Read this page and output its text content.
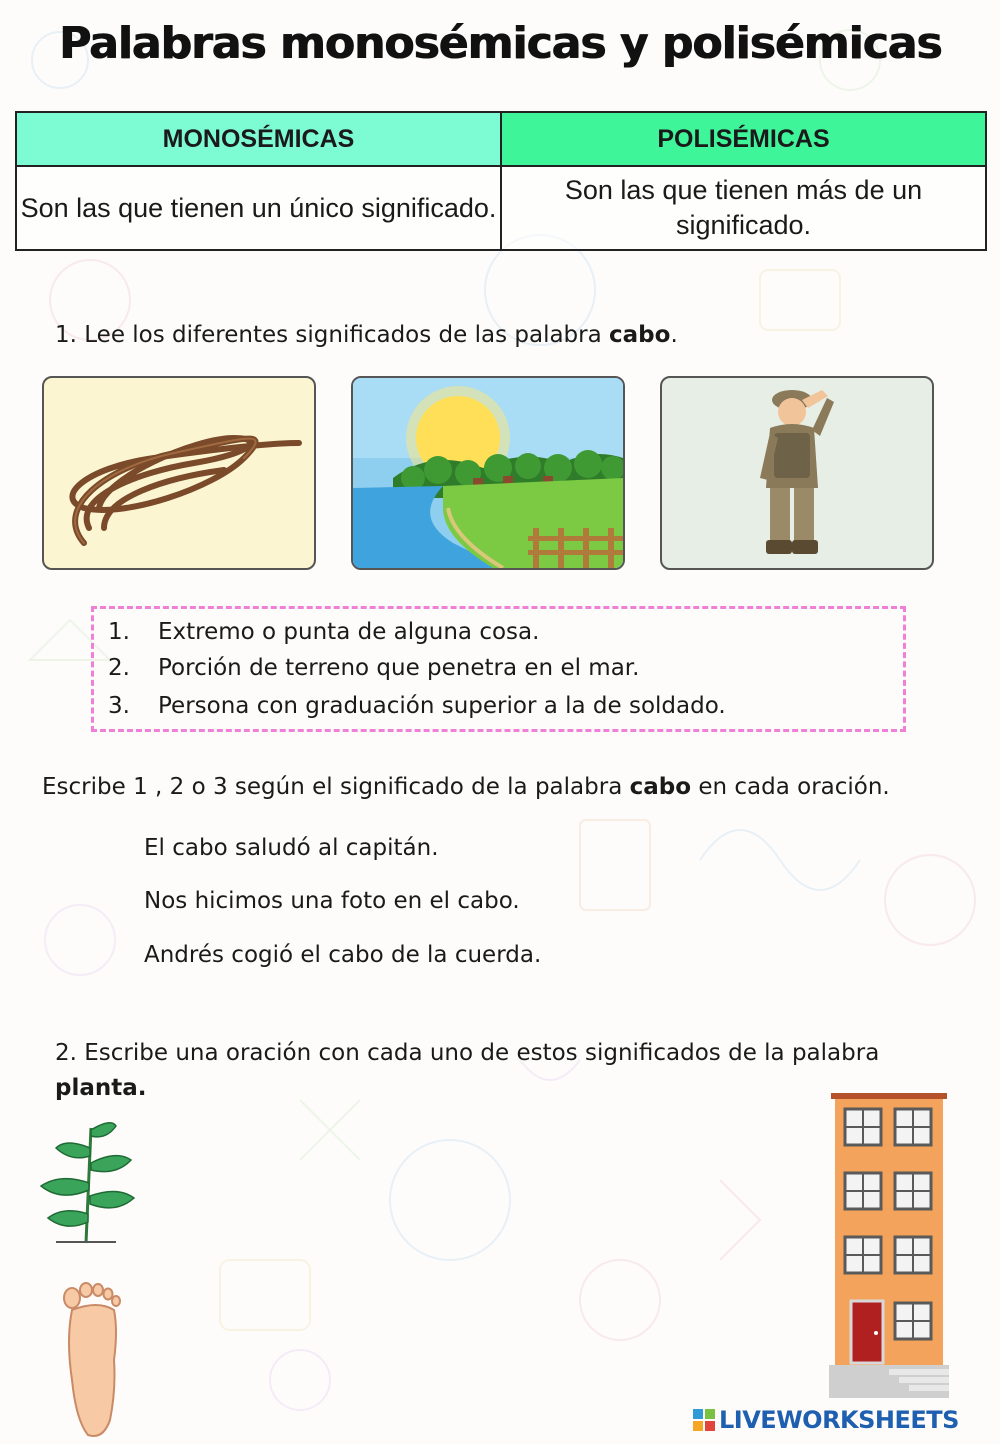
Palabras monosémicas y polisémicas
MONOSÉMICAS	POLISÉMICAS
Son las que tienen un único significado.	Son las que tienen más de un significado.
1. Lee los diferentes significados de las palabra cabo.
1. Extremo o punta de alguna cosa.
2. Porción de terreno que penetra en el mar.
3. Persona con graduación superior a la de soldado.
Escribe 1 , 2 o 3 según el significado de la palabra cabo en cada oración.
El cabo saludó al capitán.
Nos hicimos una foto en el cabo.
Andrés cogió el cabo de la cuerda.
2. Escribe una oración con cada uno de estos significados de la palabra
planta.
LIVEWORKSHEETS
